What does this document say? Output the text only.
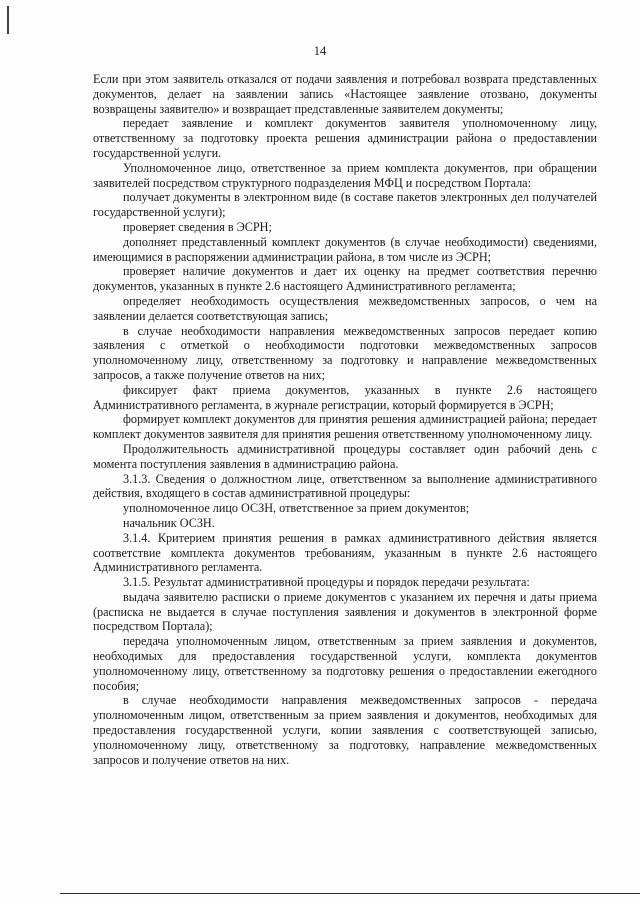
14

Если при этом заявитель отказался от подачи заявления и потребовал возврата представленных документов, делает на заявлении запись «Настоящее заявление отозвано, документы возвращены заявителю» и возвращает представленные заявителем документы;

передает заявление и комплект документов заявителя уполномоченному лицу, ответственному за подготовку проекта решения администрации района о предоставлении государственной услуги.

Уполномоченное лицо, ответственное за прием комплекта документов, при обращении заявителей посредством структурного подразделения МФЦ и посредством Портала:

получает документы в электронном виде (в составе пакетов электронных дел получателей государственной услуги);

проверяет сведения в ЭСРН;

дополняет представленный комплект документов (в случае необходимости) сведениями, имеющимися в распоряжении администрации района, в том числе из ЭСРН;

проверяет наличие документов и дает их оценку на предмет соответствия перечню документов, указанных в пункте 2.6 настоящего Административного регламента;

определяет необходимость осуществления межведомственных запросов, о чем на заявлении делается соответствующая запись;

в случае необходимости направления межведомственных запросов передает копию заявления с отметкой о необходимости подготовки межведомственных запросов уполномоченному лицу, ответственному за подготовку и направление межведомственных запросов, а также получение ответов на них;

фиксирует факт приема документов, указанных в пункте 2.6 настоящего Административного регламента, в журнале регистрации, который формируется в ЭСРН;

формирует комплект документов для принятия решения администрацией района; передает комплект документов заявителя для принятия решения ответственному уполномоченному лицу.

Продолжительность административной процедуры составляет один рабочий день с момента поступления заявления в администрацию района.

3.1.3. Сведения о должностном лице, ответственном за выполнение административного действия, входящего в состав административной процедуры:

уполномоченное лицо ОСЗН, ответственное за прием документов;

начальник ОСЗН.

3.1.4. Критерием принятия решения в рамках административного действия является соответствие комплекта документов требованиям, указанным в пункте 2.6 настоящего Административного регламента.

3.1.5. Результат административной процедуры и порядок передачи результата:

выдача заявителю расписки о приеме документов с указанием их перечня и даты приема (расписка не выдается в случае поступления заявления и документов в электронной форме посредством Портала);

передача уполномоченным лицом, ответственным за прием заявления и документов, необходимых для предоставления государственной услуги, комплекта документов уполномоченному лицу, ответственному за подготовку решения о предоставлении ежегодного пособия;

в случае необходимости направления межведомственных запросов - передача уполномоченным лицом, ответственным за прием заявления и документов, необходимых для предоставления государственной услуги, копии заявления с соответствующей записью, уполномоченному лицу, ответственному за подготовку, направление межведомственных запросов и получение ответов на них.
